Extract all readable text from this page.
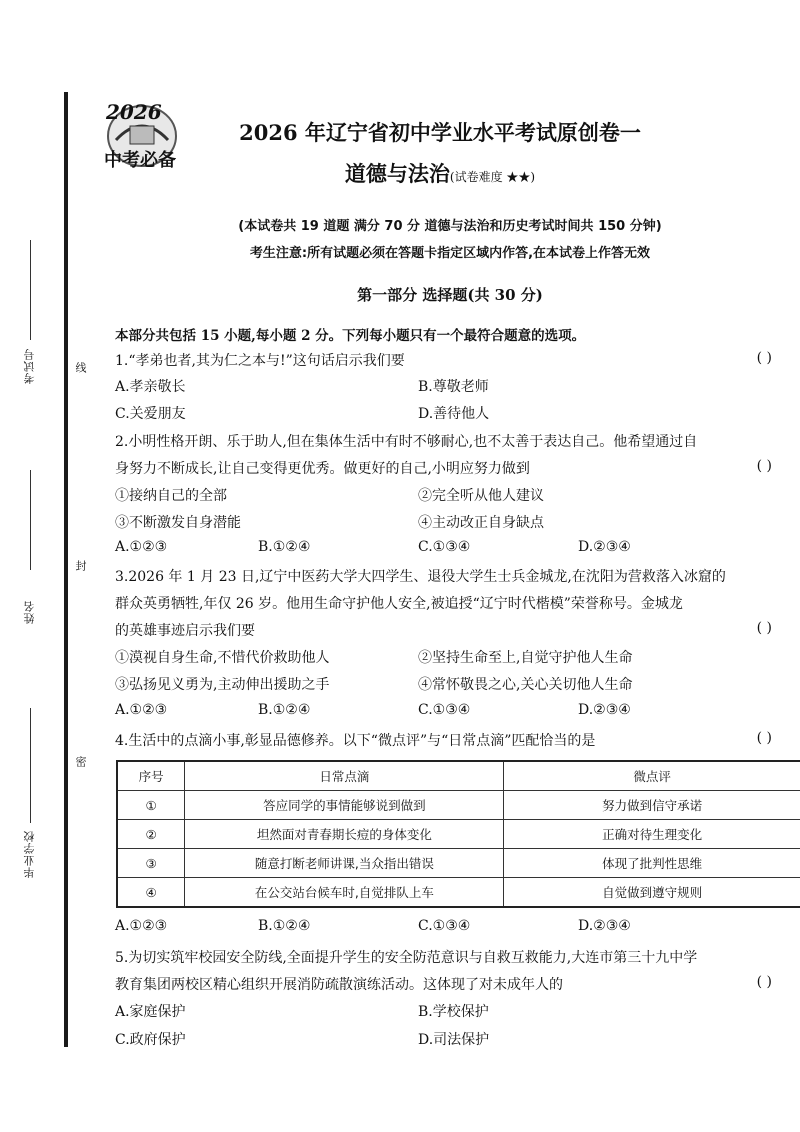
考试号	线
姓名
封
毕业学校
密
2026
中考必备
2026 年辽宁省初中学业水平考试原创卷一
道德与法治(试卷难度 ★★)
(本试卷共 19 道题 满分 70 分 道德与法治和历史考试时间共 150 分钟)
考生注意:所有试题必须在答题卡指定区域内作答,在本试卷上作答无效
第一部分 选择题(共 30 分)
本部分共包括 15 小题,每小题 2 分。下列每小题只有一个最符合题意的选项。
1.“孝弟也者,其为仁之本与!”这句话启示我们要	( )
A.孝亲敬长	B.尊敬老师
C.关爱朋友	D.善待他人
2.小明性格开朗、乐于助人,但在集体生活中有时不够耐心,也不太善于表达自己。他希望通过自
身努力不断成长,让自己变得更优秀。做更好的自己,小明应努力做到	( )
①接纳自己的全部	②完全听从他人建议
③不断激发自身潜能	④主动改正自身缺点
A.①②③	B.①②④	C.①③④	D.②③④
3.2026 年 1 月 23 日,辽宁中医药大学大四学生、退役大学生士兵金城龙,在沈阳为营救落入冰窟的
群众英勇牺牲,年仅 26 岁。他用生命守护他人安全,被追授“辽宁时代楷模”荣誉称号。金城龙
的英雄事迹启示我们要	( )
①漠视自身生命,不惜代价救助他人	②坚持生命至上,自觉守护他人生命
③弘扬见义勇为,主动伸出援助之手	④常怀敬畏之心,关心关切他人生命
A.①②③	B.①②④	C.①③④	D.②③④
4.生活中的点滴小事,彰显品德修养。以下“微点评”与“日常点滴”匹配恰当的是	( )
序号	日常点滴	微点评
①	答应同学的事情能够说到做到	努力做到信守承诺
②	坦然面对青春期长痘的身体变化	正确对待生理变化
③	随意打断老师讲课,当众指出错误	体现了批判性思维
④	在公交站台候车时,自觉排队上车	自觉做到遵守规则
A.①②③	B.①②④	C.①③④	D.②③④
5.为切实筑牢校园安全防线,全面提升学生的安全防范意识与自救互救能力,大连市第三十九中学
教育集团两校区精心组织开展消防疏散演练活动。这体现了对未成年人的	( )
A.家庭保护	B.学校保护
C.政府保护	D.司法保护
